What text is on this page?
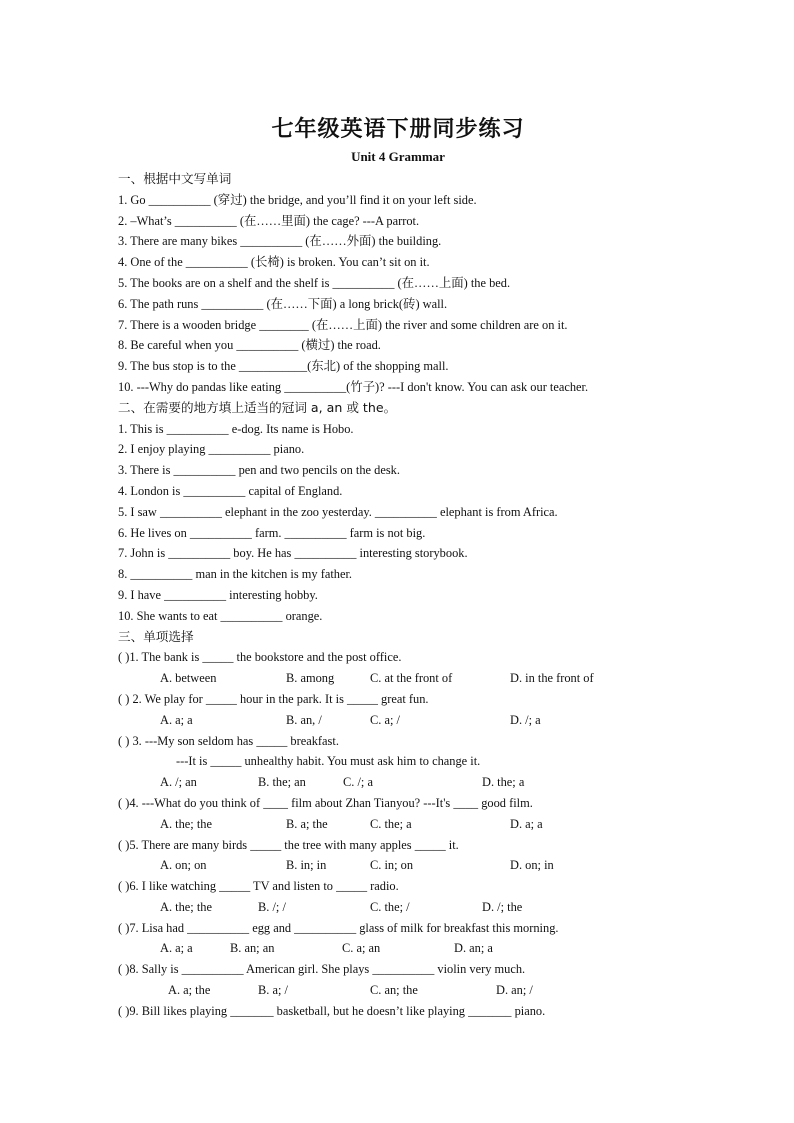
七年级英语下册同步练习
Unit 4 Grammar
一、根据中文写单词
1. Go __________ (穿过) the bridge, and you’ll find it on your left side.
2. –What’s __________ (在……里面) the cage? ---A parrot.
3. There are many bikes __________ (在……外面) the building.
4. One of the __________ (长椅) is broken. You can’t sit on it.
5. The books are on a shelf and the shelf is __________ (在……上面) the bed.
6. The path runs __________ (在……下面) a long brick(砖) wall.
7. There is a wooden bridge ________ (在……上面) the river and some children are on it.
8. Be careful when you __________ (横过) the road.
9. The bus stop is to the ___________(东北) of the shopping mall.
10. ---Why do pandas like eating __________(竹子)? ---I don't know. You can ask our teacher.
二、在需要的地方填上适当的冠词 a, an 或 the。
1. This is __________ e-dog. Its name is Hobo.
2. I enjoy playing __________ piano.
3. There is __________ pen and two pencils on the desk.
4. London is __________ capital of England.
5. I saw __________ elephant in the zoo yesterday. __________ elephant is from Africa.
6. He lives on __________ farm. __________ farm is not big.
7. John is __________ boy. He has __________ interesting storybook.
8. __________ man in the kitchen is my father.
9. I have __________ interesting hobby.
10. She wants to eat __________ orange.
三、单项选择
( )1. The bank is _____ the bookstore and the post office.
A. between	B. among	C. at the front of	D. in the front of
( ) 2. We play for _____ hour in the park. It is _____ great fun.
A. a; a	B. an, /	C. a; /	D. /; a
( ) 3. ---My son seldom has _____ breakfast.
---It is _____ unhealthy habit. You must ask him to change it.
A. /; an	B. the; an	C. /; a	D. the; a
( )4. ---What do you think of ____ film about Zhan Tianyou? ---It's ____ good film.
A. the; the	B. a; the	C. the; a	D. a; a
( )5. There are many birds _____ the tree with many apples _____ it.
A. on; on	B. in; in	C. in; on	D. on; in
( )6. I like watching _____ TV and listen to _____ radio.
A. the; the	B. /; /	C. the; /	D. /; the
( )7. Lisa had __________ egg and __________ glass of milk for breakfast this morning.
A. a; a	B. an; an	C. a; an	D. an; a
( )8. Sally is __________ American girl. She plays __________ violin very much.
A. a; the	B. a; /	C. an; the	D. an; /
( )9. Bill likes playing _______ basketball, but he doesn’t like playing _______ piano.
